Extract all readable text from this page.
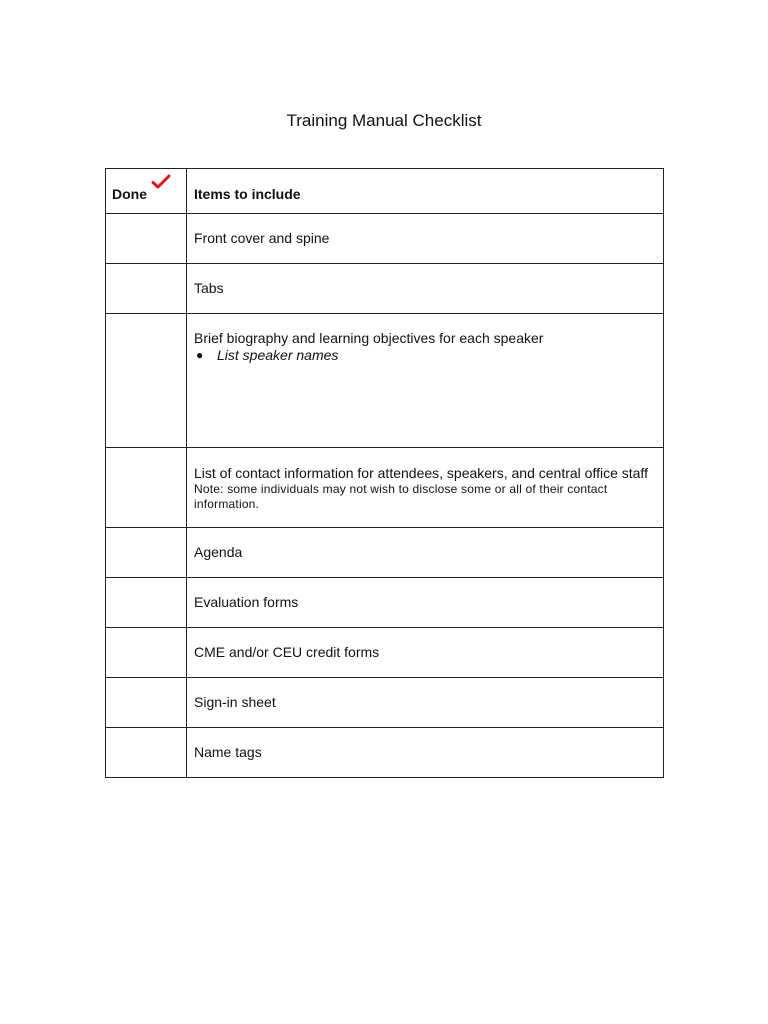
Training Manual Checklist
Done	Items to include

	Front cover and spine

	Tabs

	Brief biography and learning objectives for each speaker
● List speaker names

	List of contact information for attendees, speakers, and central office staff
Note: some individuals may not wish to disclose some or all of their contact information.

	Agenda

	Evaluation forms

	CME and/or CEU credit forms

	Sign-in sheet

	Name tags
